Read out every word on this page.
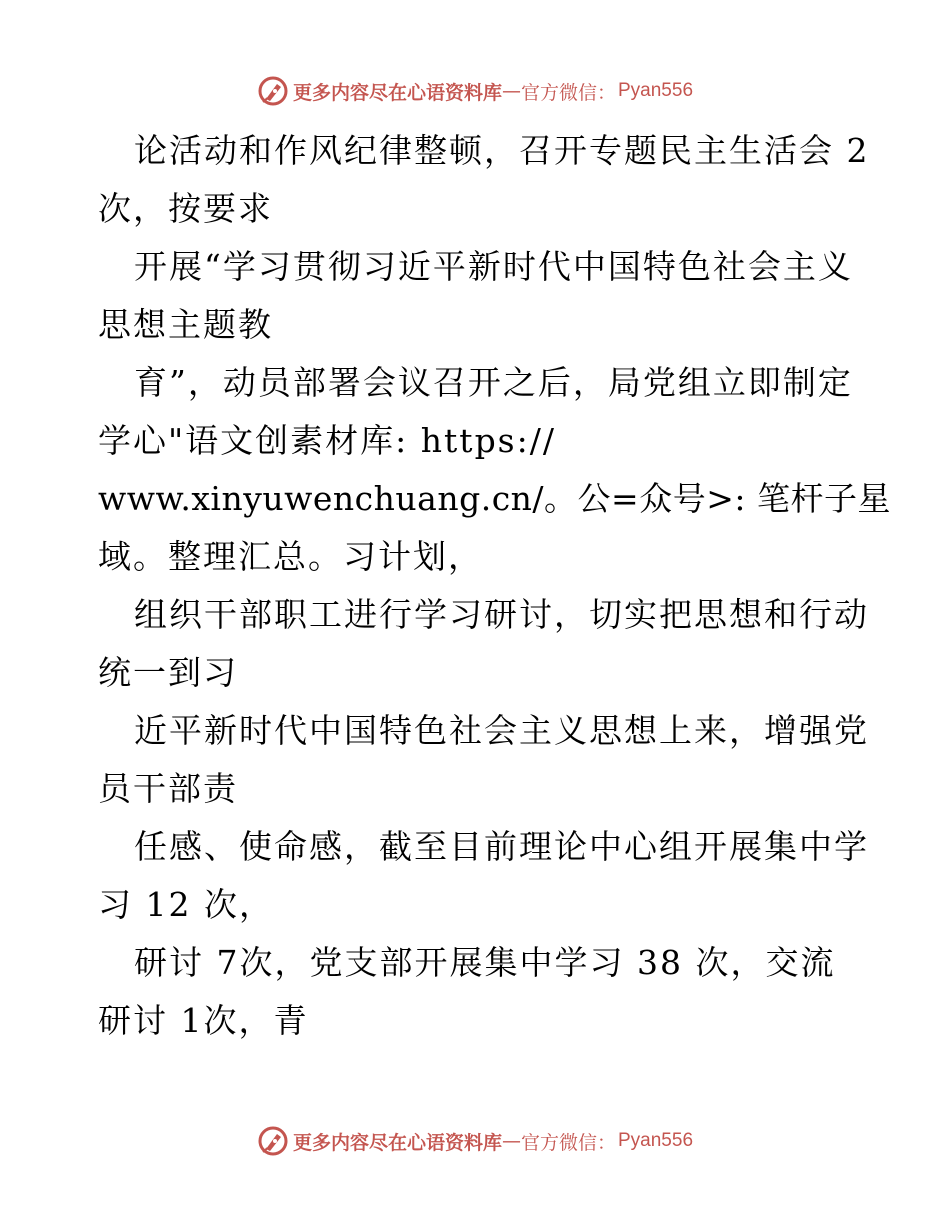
更多内容尽在心语资料库 — 官方微信： Pyan556
论活动和作风纪律整顿，召开专题民主生活会 2
次，按要求
开展“学习贯彻习近平新时代中国特色社会主义
思想主题教
育”，动员部署会议召开之后，局党组立即制定
学心"语文创素材库: https://
www.xinyuwenchuang.cn/。公=众号>: 笔杆子星
域。整理汇总。习计划，
组织干部职工进行学习研讨，切实把思想和行动
统一到习
近平新时代中国特色社会主义思想上来，增强党
员干部责
任感、使命感，截至目前理论中心组开展集中学
习 12 次，
研讨 7次，党支部开展集中学习 38 次，交流
研讨 1次，青
更多内容尽在心语资料库 — 官方微信： Pyan556
